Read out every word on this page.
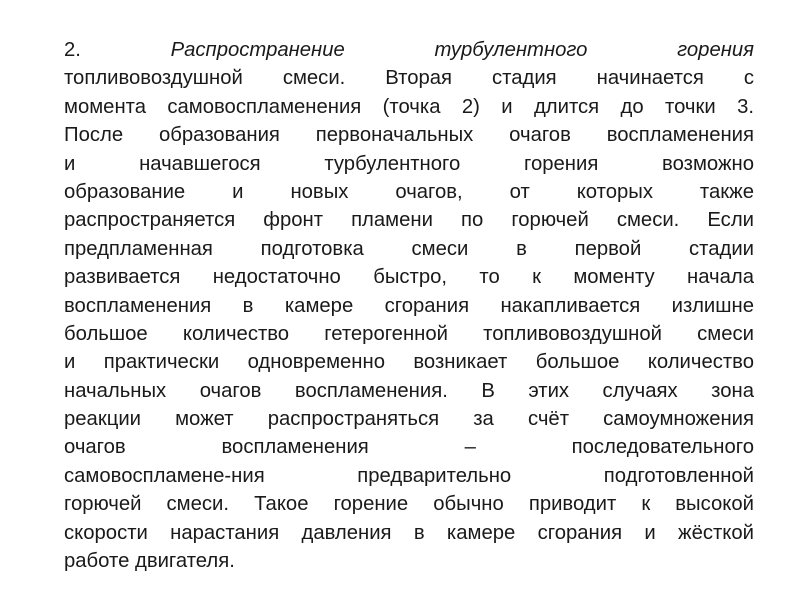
2.	Распространение турбулентного горения
топливовоздушной смеси. Вторая стадия начинается с
момента самовоспламенения (точка 2) и длится до точки 3.
После образования первоначальных очагов воспламенения
и начавшегося турбулентного горения возможно
образование и новых очагов, от которых также
распространяется фронт пламени по горючей смеси. Если
предпламенная подготовка смеси в первой стадии
развивается недостаточно быстро, то к моменту начала
воспламенения в камере сгорания накапливается излишне
большое количество гетерогенной топливовоздушной смеси
и практически одновременно возникает большое количество
начальных очагов воспламенения. В этих случаях зона
реакции может распространяться за счёт самоумножения
очагов воспламенения – последовательного
самовоспламене-ния предварительно подготовленной
горючей смеси. Такое горение обычно приводит к высокой
скорости нарастания давления в камере сгорания и жёсткой
работе двигателя.
